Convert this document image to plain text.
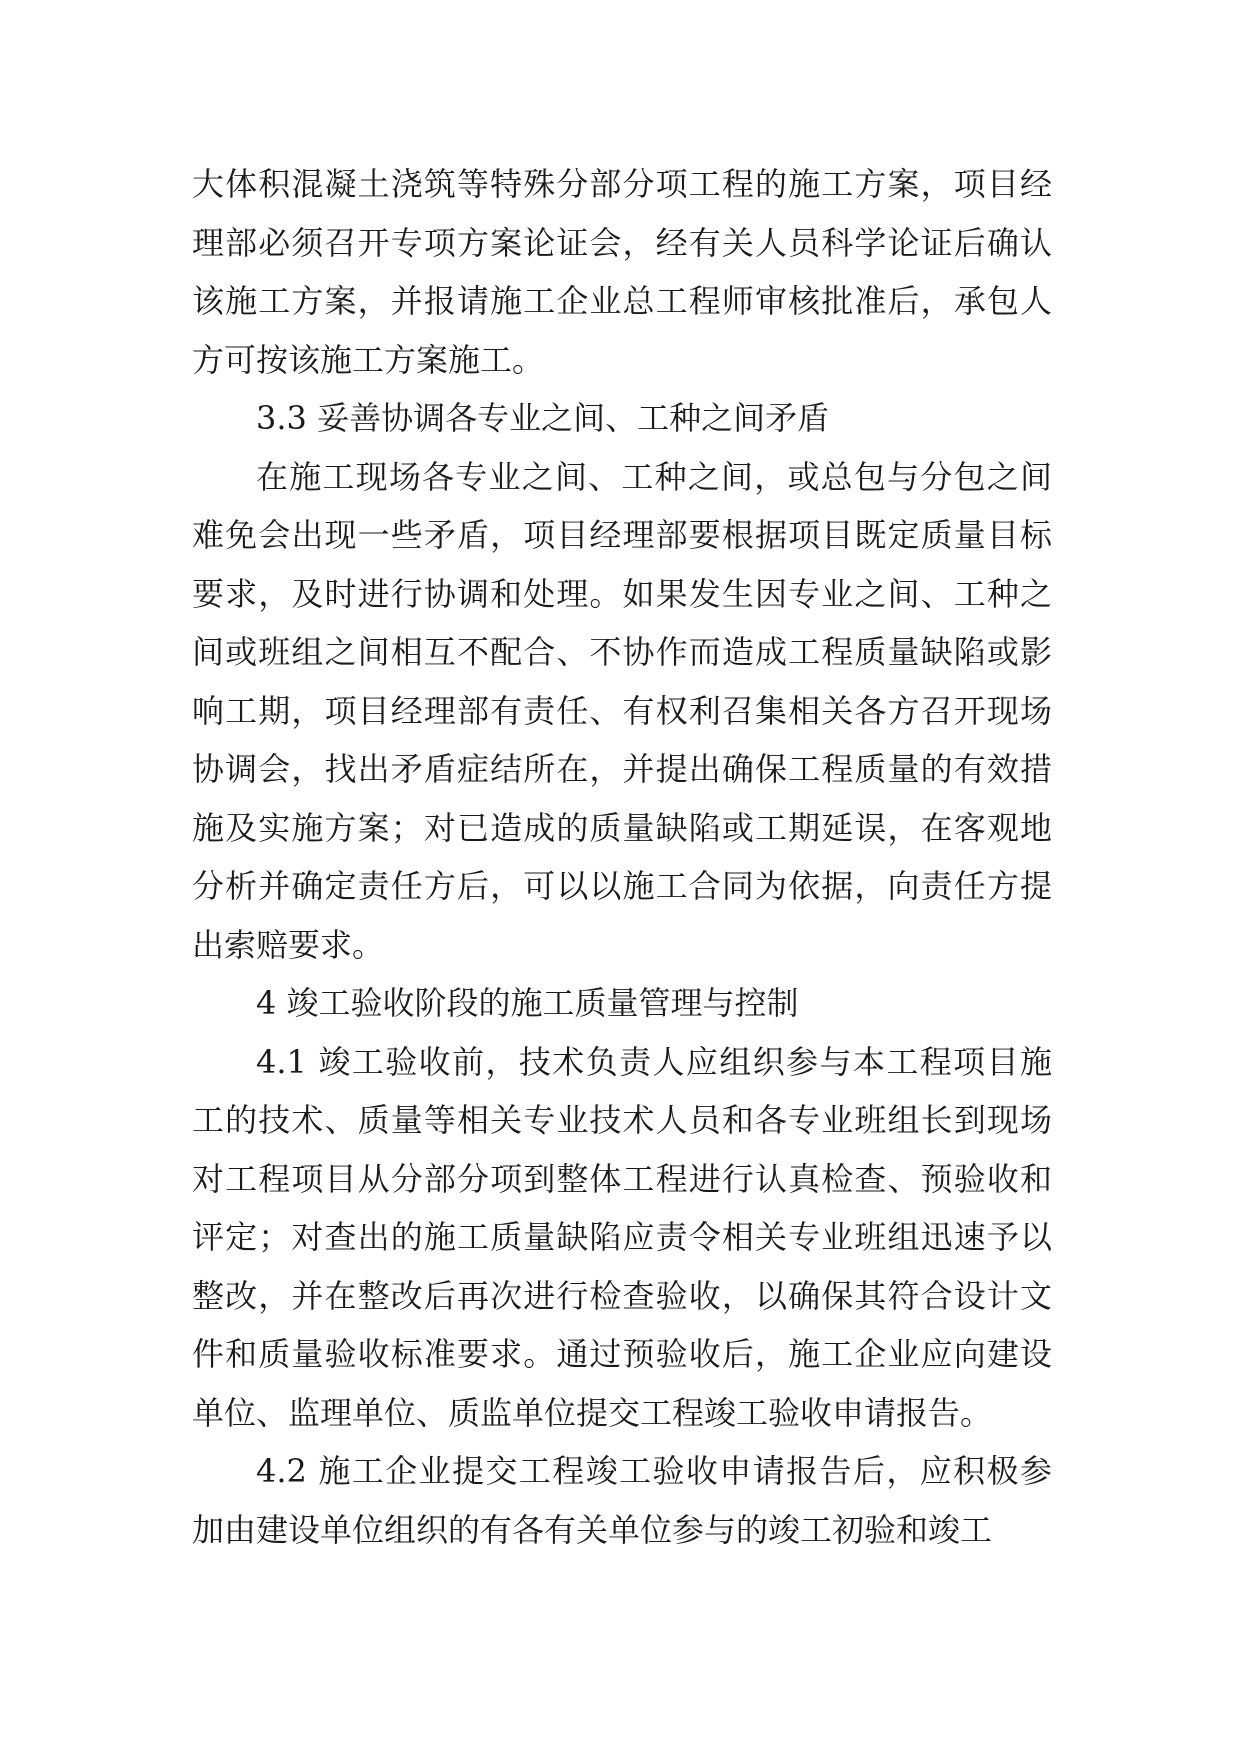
大体积混凝土浇筑等特殊分部分项工程的施工方案，项目经理部必须召开专项方案论证会，经有关人员科学论证后确认该施工方案，并报请施工企业总工程师审核批准后，承包人方可按该施工方案施工。

3.3 妥善协调各专业之间、工种之间矛盾

在施工现场各专业之间、工种之间，或总包与分包之间难免会出现一些矛盾，项目经理部要根据项目既定质量目标要求，及时进行协调和处理。如果发生因专业之间、工种之间或班组之间相互不配合、不协作而造成工程质量缺陷或影响工期，项目经理部有责任、有权利召集相关各方召开现场协调会，找出矛盾症结所在，并提出确保工程质量的有效措施及实施方案；对已造成的质量缺陷或工期延误，在客观地分析并确定责任方后，可以以施工合同为依据，向责任方提出索赔要求。

4 竣工验收阶段的施工质量管理与控制

4.1 竣工验收前，技术负责人应组织参与本工程项目施工的技术、质量等相关专业技术人员和各专业班组长到现场对工程项目从分部分项到整体工程进行认真检查、预验收和评定；对查出的施工质量缺陷应责令相关专业班组迅速予以整改，并在整改后再次进行检查验收，以确保其符合设计文件和质量验收标准要求。通过预验收后，施工企业应向建设单位、监理单位、质监单位提交工程竣工验收申请报告。

4.2 施工企业提交工程竣工验收申请报告后，应积极参加由建设单位组织的有各有关单位参与的竣工初验和竣工
